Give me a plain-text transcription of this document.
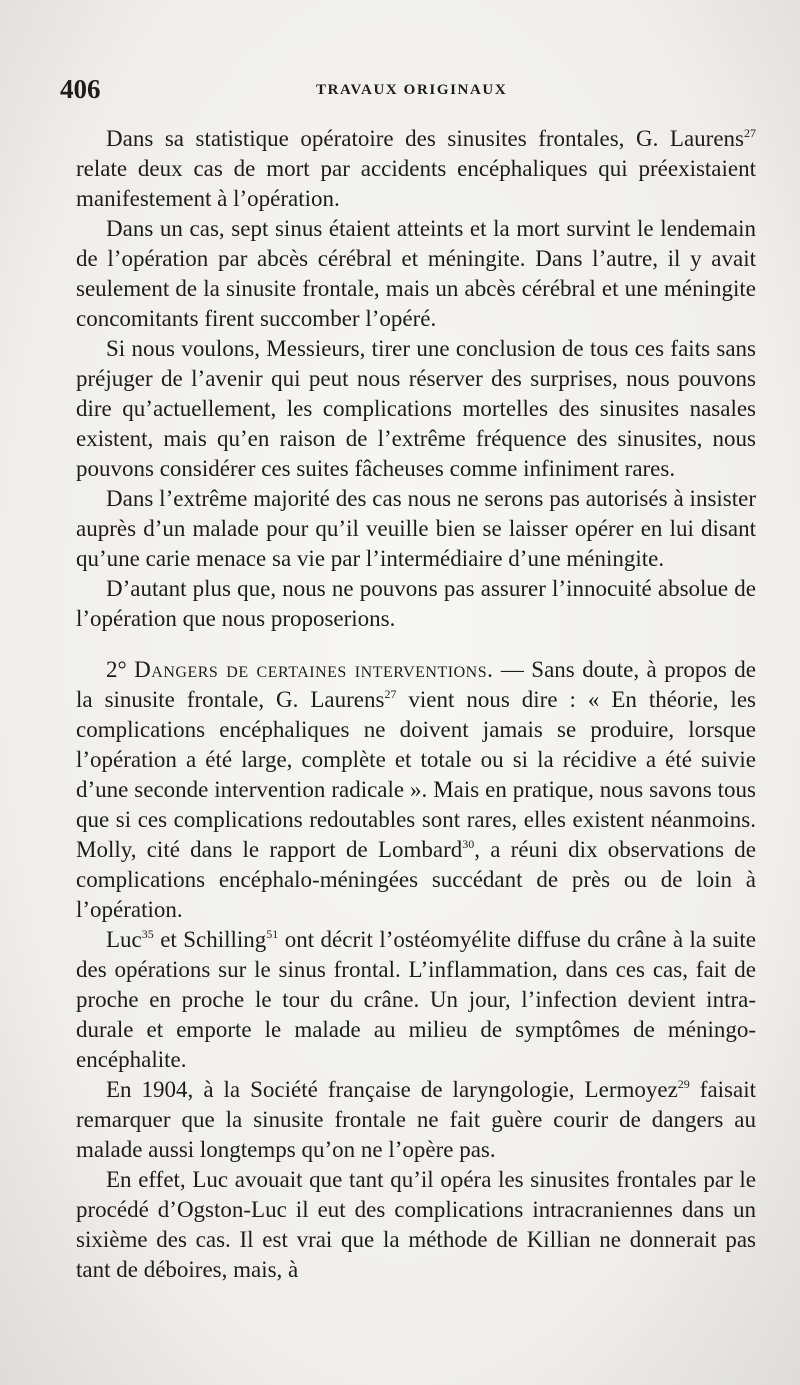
406	TRAVAUX ORIGINAUX

Dans sa statistique opératoire des sinusites frontales, G. Laurens$^{27}$ relate deux cas de mort par accidents encéphaliques qui préexistaient manifestement à l’opération.

Dans un cas, sept sinus étaient atteints et la mort survint le lendemain de l’opération par abcès cérébral et méningite. Dans l’autre, il y avait seulement de la sinusite frontale, mais un abcès cérébral et une méningite concomitants firent succomber l’opéré.

Si nous voulons, Messieurs, tirer une conclusion de tous ces faits sans préjuger de l’avenir qui peut nous réserver des surprises, nous pouvons dire qu’actuellement, les complications mortelles des sinusites nasales existent, mais qu’en raison de l’extrême fréquence des sinusites, nous pouvons considérer ces suites fâcheuses comme infiniment rares.

Dans l’extrême majorité des cas nous ne serons pas autorisés à insister auprès d’un malade pour qu’il veuille bien se laisser opérer en lui disant qu’une carie menace sa vie par l’intermédiaire d’une méningite.

D’autant plus que, nous ne pouvons pas assurer l’innocuité absolue de l’opération que nous proposerions.

2° Dangers de certaines interventions. — Sans doute, à propos de la sinusite frontale, G. Laurens$^{27}$ vient nous dire : « En théorie, les complications encéphaliques ne doivent jamais se produire, lorsque l’opération a été large, complète et totale ou si la récidive a été suivie d’une seconde intervention radicale ». Mais en pratique, nous savons tous que si ces complications redoutables sont rares, elles existent néanmoins. Molly, cité dans le rapport de Lombard$^{30}$, a réuni dix observations de complications encéphalo-méningées succédant de près ou de loin à l’opération.

Luc$^{35}$ et Schilling$^{51}$ ont décrit l’ostéomyélite diffuse du crâne à la suite des opérations sur le sinus frontal. L’inflammation, dans ces cas, fait de proche en proche le tour du crâne. Un jour, l’infection devient intra-durale et emporte le malade au milieu de symptômes de méningo-encéphalite.

En 1904, à la Société française de laryngologie, Lermoyez$^{29}$ faisait remarquer que la sinusite frontale ne fait guère courir de dangers au malade aussi longtemps qu’on ne l’opère pas.

En effet, Luc avouait que tant qu’il opéra les sinusites frontales par le procédé d’Ogston-Luc il eut des complications intracraniennes dans un sixième des cas. Il est vrai que la méthode de Killian ne donnerait pas tant de déboires, mais, à
